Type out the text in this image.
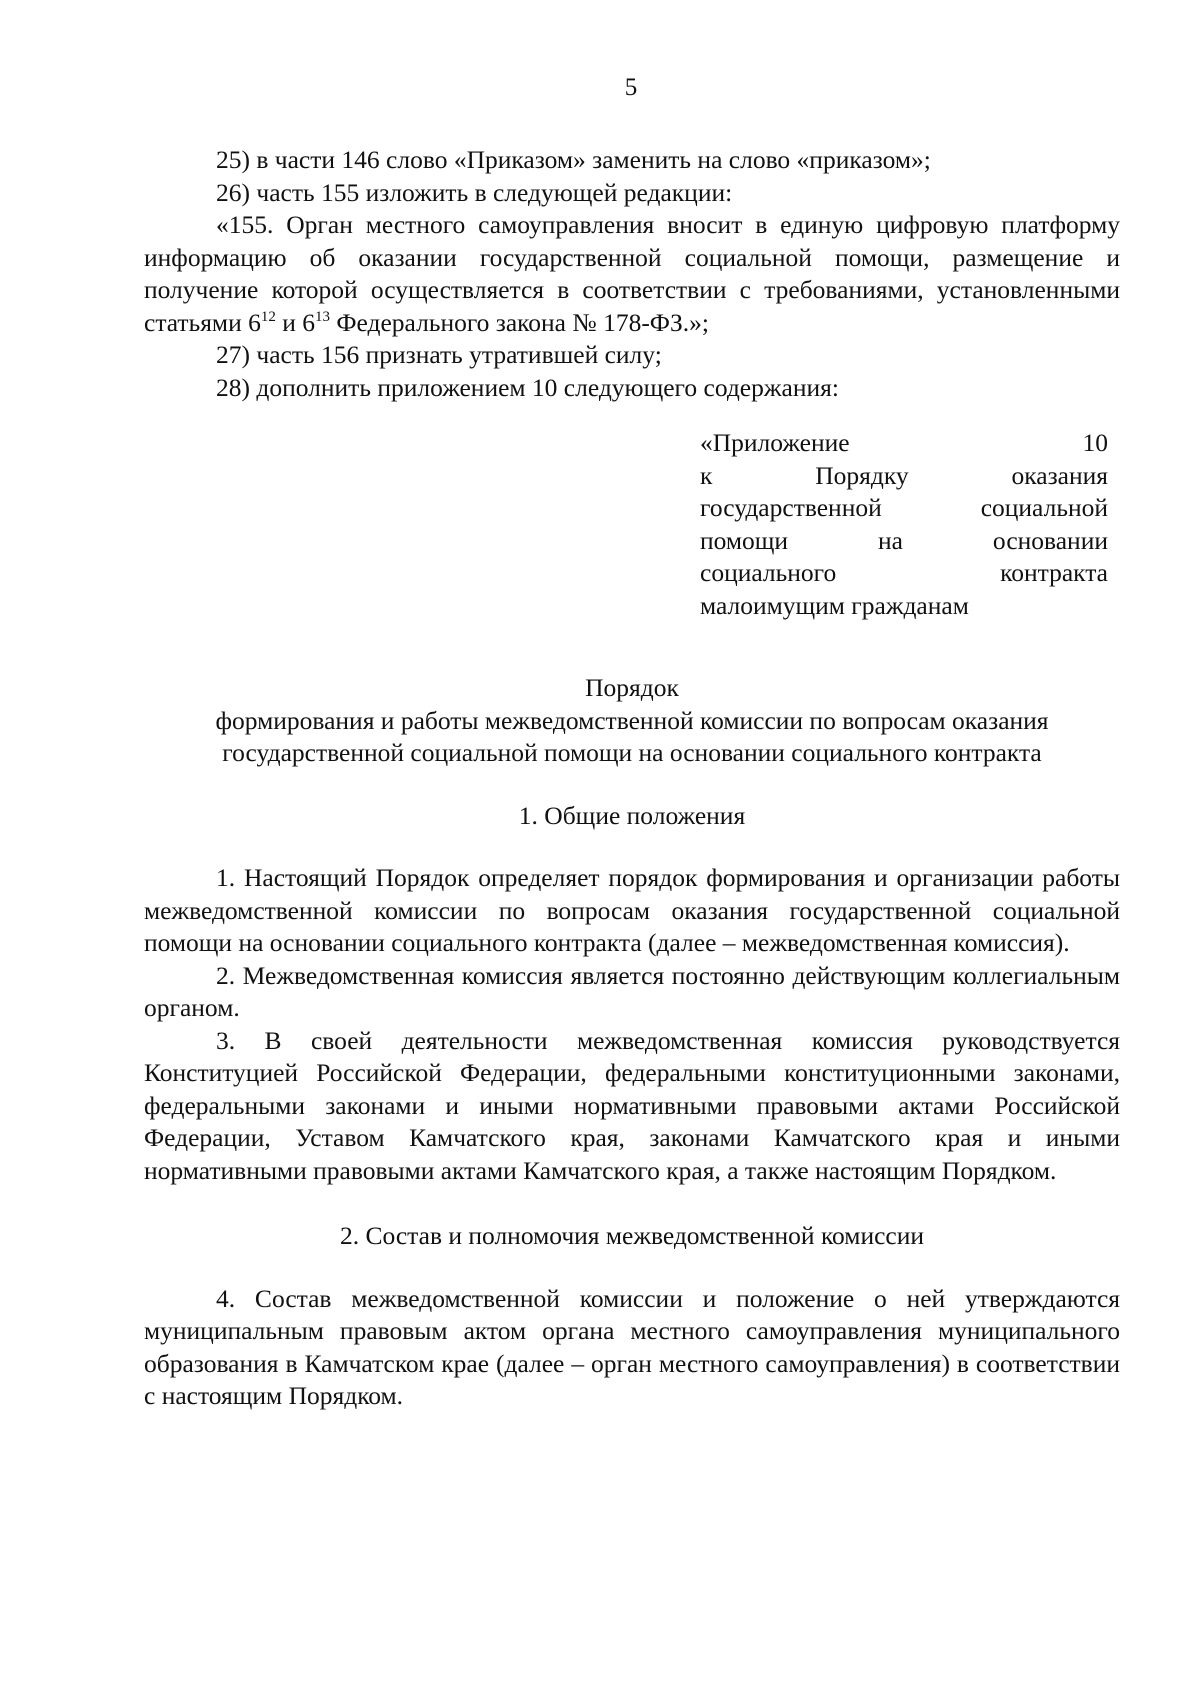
5

25) в части 146 слово «Приказом» заменить на слово «приказом»;

26) часть 155 изложить в следующей редакции:

«155. Орган местного самоуправления вносит в единую цифровую платформу информацию об оказании государственной социальной помощи, размещение и получение которой осуществляется в соответствии с требованиями, установленными статьями $6^{12}$ и $6^{13}$ Федерального закона № 178-ФЗ.»;

27) часть 156 признать утратившей силу;

28) дополнить приложением 10 следующего содержания:

«Приложение 10

к Порядку оказания

государственной социальной

помощи на основании

социального контракта

малоимущим гражданам

Порядок

формирования и работы межведомственной комиссии по вопросам оказания

государственной социальной помощи на основании социального контракта

1. Общие положения

1. Настоящий Порядок определяет порядок формирования и организации работы межведомственной комиссии по вопросам оказания государственной социальной помощи на основании социального контракта (далее – межведомственная комиссия).

2. Межведомственная комиссия является постоянно действующим коллегиальным органом.

3. В своей деятельности межведомственная комиссия руководствуется Конституцией Российской Федерации, федеральными конституционными законами, федеральными законами и иными нормативными правовыми актами Российской Федерации, Уставом Камчатского края, законами Камчатского края и иными нормативными правовыми актами Камчатского края, а также настоящим Порядком.

2. Состав и полномочия межведомственной комиссии

4. Состав межведомственной комиссии и положение о ней утверждаются муниципальным правовым актом органа местного самоуправления муниципального образования в Камчатском крае (далее – орган местного самоуправления) в соответствии с настоящим Порядком.
